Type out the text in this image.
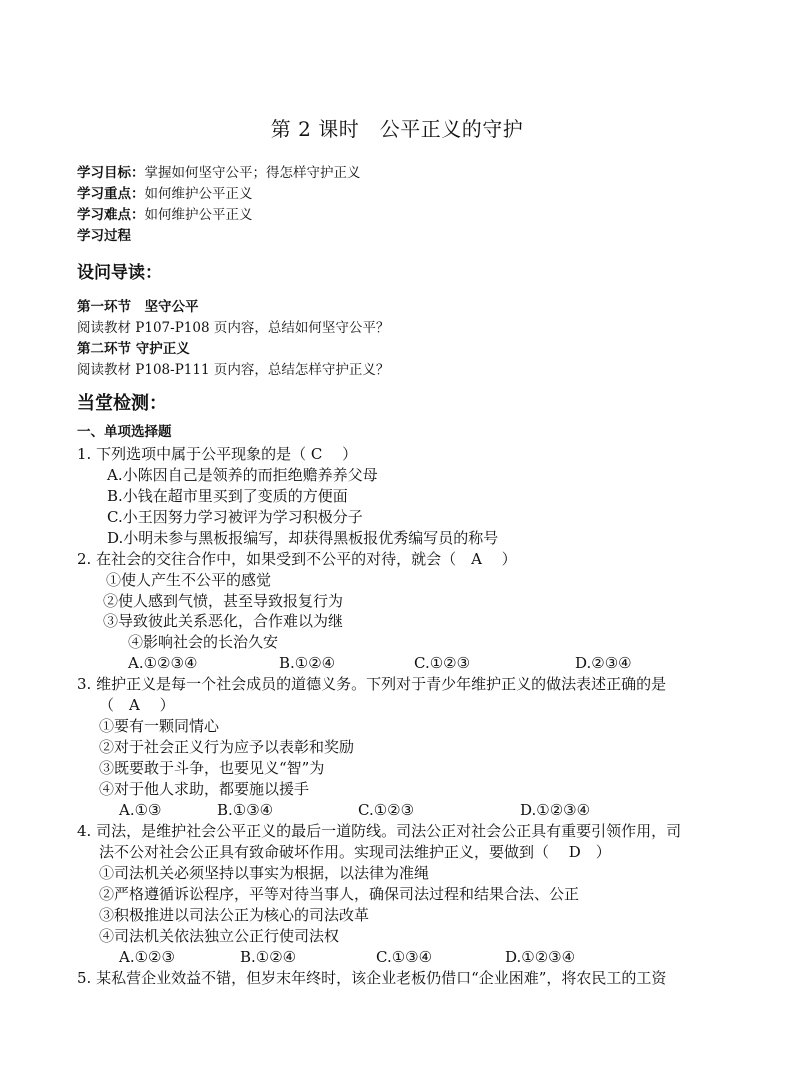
第 2 课时　公平正义的守护
学习目标：掌握如何坚守公平；得怎样守护正义
学习重点：如何维护公平正义
学习难点：如何维护公平正义
学习过程
设问导读：
第一环节　坚守公平
阅读教材 P107-P108 页内容，总结如何坚守公平？
第二环节 守护正义
阅读教材 P108-P111 页内容，总结怎样守护正义？
当堂检测：
一、单项选择题
1. 下列选项中属于公平现象的是（ C　 ）
A.小陈因自己是领养的而拒绝赡养养父母
B.小钱在超市里买到了变质的方便面
C.小王因努力学习被评为学习积极分子
D.小明未参与黑板报编写，却获得黑板报优秀编写员的称号
2. 在社会的交往合作中，如果受到不公平的对待，就会（　A　 ）
①使人产生不公平的感觉
②使人感到气愤，甚至导致报复行为
③导致彼此关系恶化，合作难以为继
④影响社会的长治久安
A.①②③④	B.①②④	C.①②③	D.②③④
3. 维护正义是每一个社会成员的道德义务。下列对于青少年维护正义的做法表述正确的是
（　A　 ）
①要有一颗同情心
②对于社会正义行为应予以表彰和奖励
③既要敢于斗争，也要见义“智”为
④对于他人求助，都要施以援手
A.①③	B.①③④	C.①②③	D.①②③④
4. 司法，是维护社会公平正义的最后一道防线。司法公正对社会公正具有重要引领作用，司
法不公对社会公正具有致命破坏作用。实现司法维护正义，要做到（　 D　）
①司法机关必须坚持以事实为根据，以法律为准绳
②严格遵循诉讼程序，平等对待当事人，确保司法过程和结果合法、公正
③积极推进以司法公正为核心的司法改革
④司法机关依法独立公正行使司法权
A.①②③	B.①②④	C.①③④	D.①②③④
5. 某私营企业效益不错，但岁末年终时，该企业老板仍借口“企业困难”，将农民工的工资
